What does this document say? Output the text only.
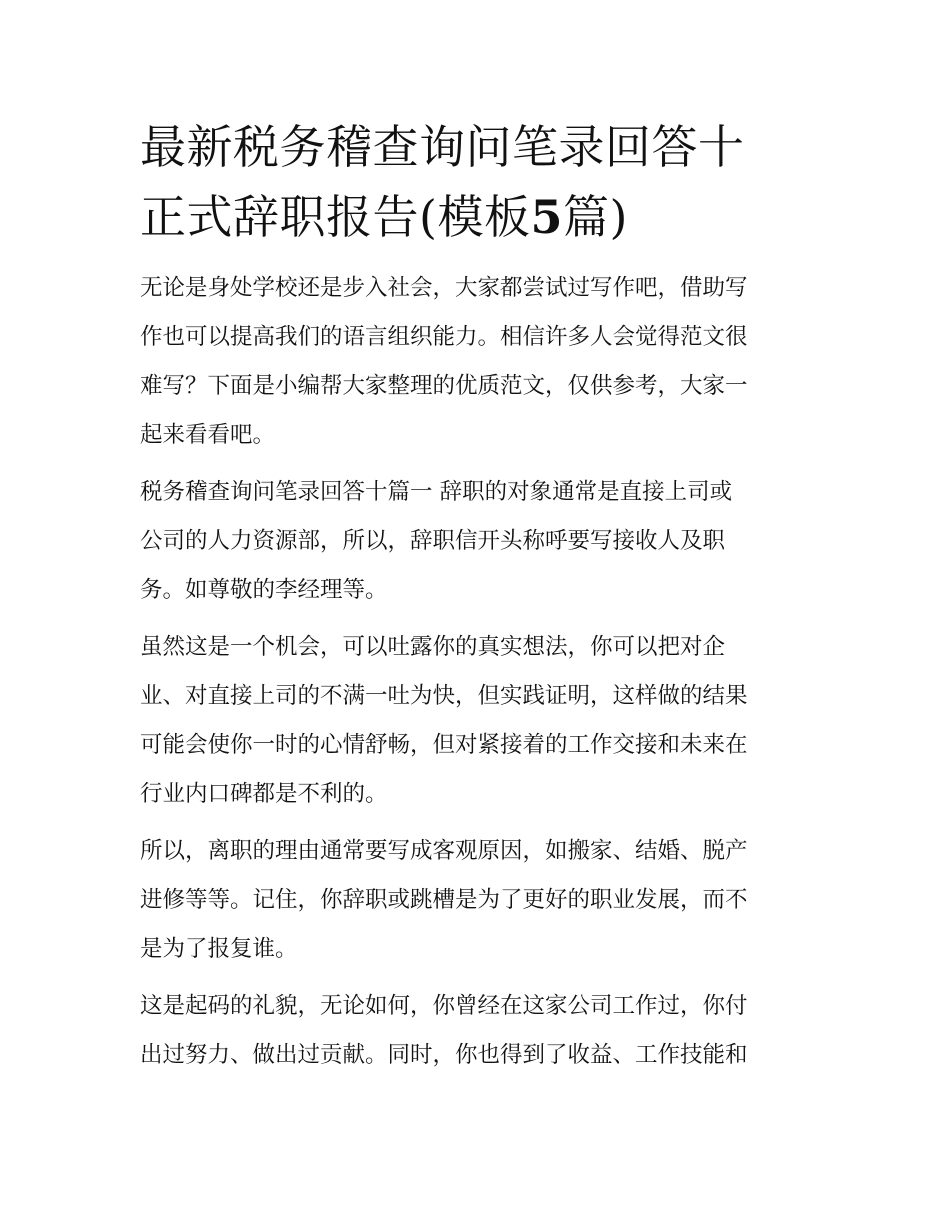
最新税务稽查询问笔录回答十
正式辞职报告(模板5篇)

无论是身处学校还是步入社会，大家都尝试过写作吧，借助写
作也可以提高我们的语言组织能力。相信许多人会觉得范文很
难写？下面是小编帮大家整理的优质范文，仅供参考，大家一
起来看看吧。

税务稽查询问笔录回答十篇一 辞职的对象通常是直接上司或
公司的人力资源部，所以，辞职信开头称呼要写接收人及职
务。如尊敬的李经理等。

虽然这是一个机会，可以吐露你的真实想法，你可以把对企
业、对直接上司的不满一吐为快，但实践证明，这样做的结果
可能会使你一时的心情舒畅，但对紧接着的工作交接和未来在
行业内口碑都是不利的。

所以，离职的理由通常要写成客观原因，如搬家、结婚、脱产
进修等等。记住，你辞职或跳槽是为了更好的职业发展，而不
是为了报复谁。

这是起码的礼貌，无论如何，你曾经在这家公司工作过，你付
出过努力、做出过贡献。同时，你也得到了收益、工作技能和
